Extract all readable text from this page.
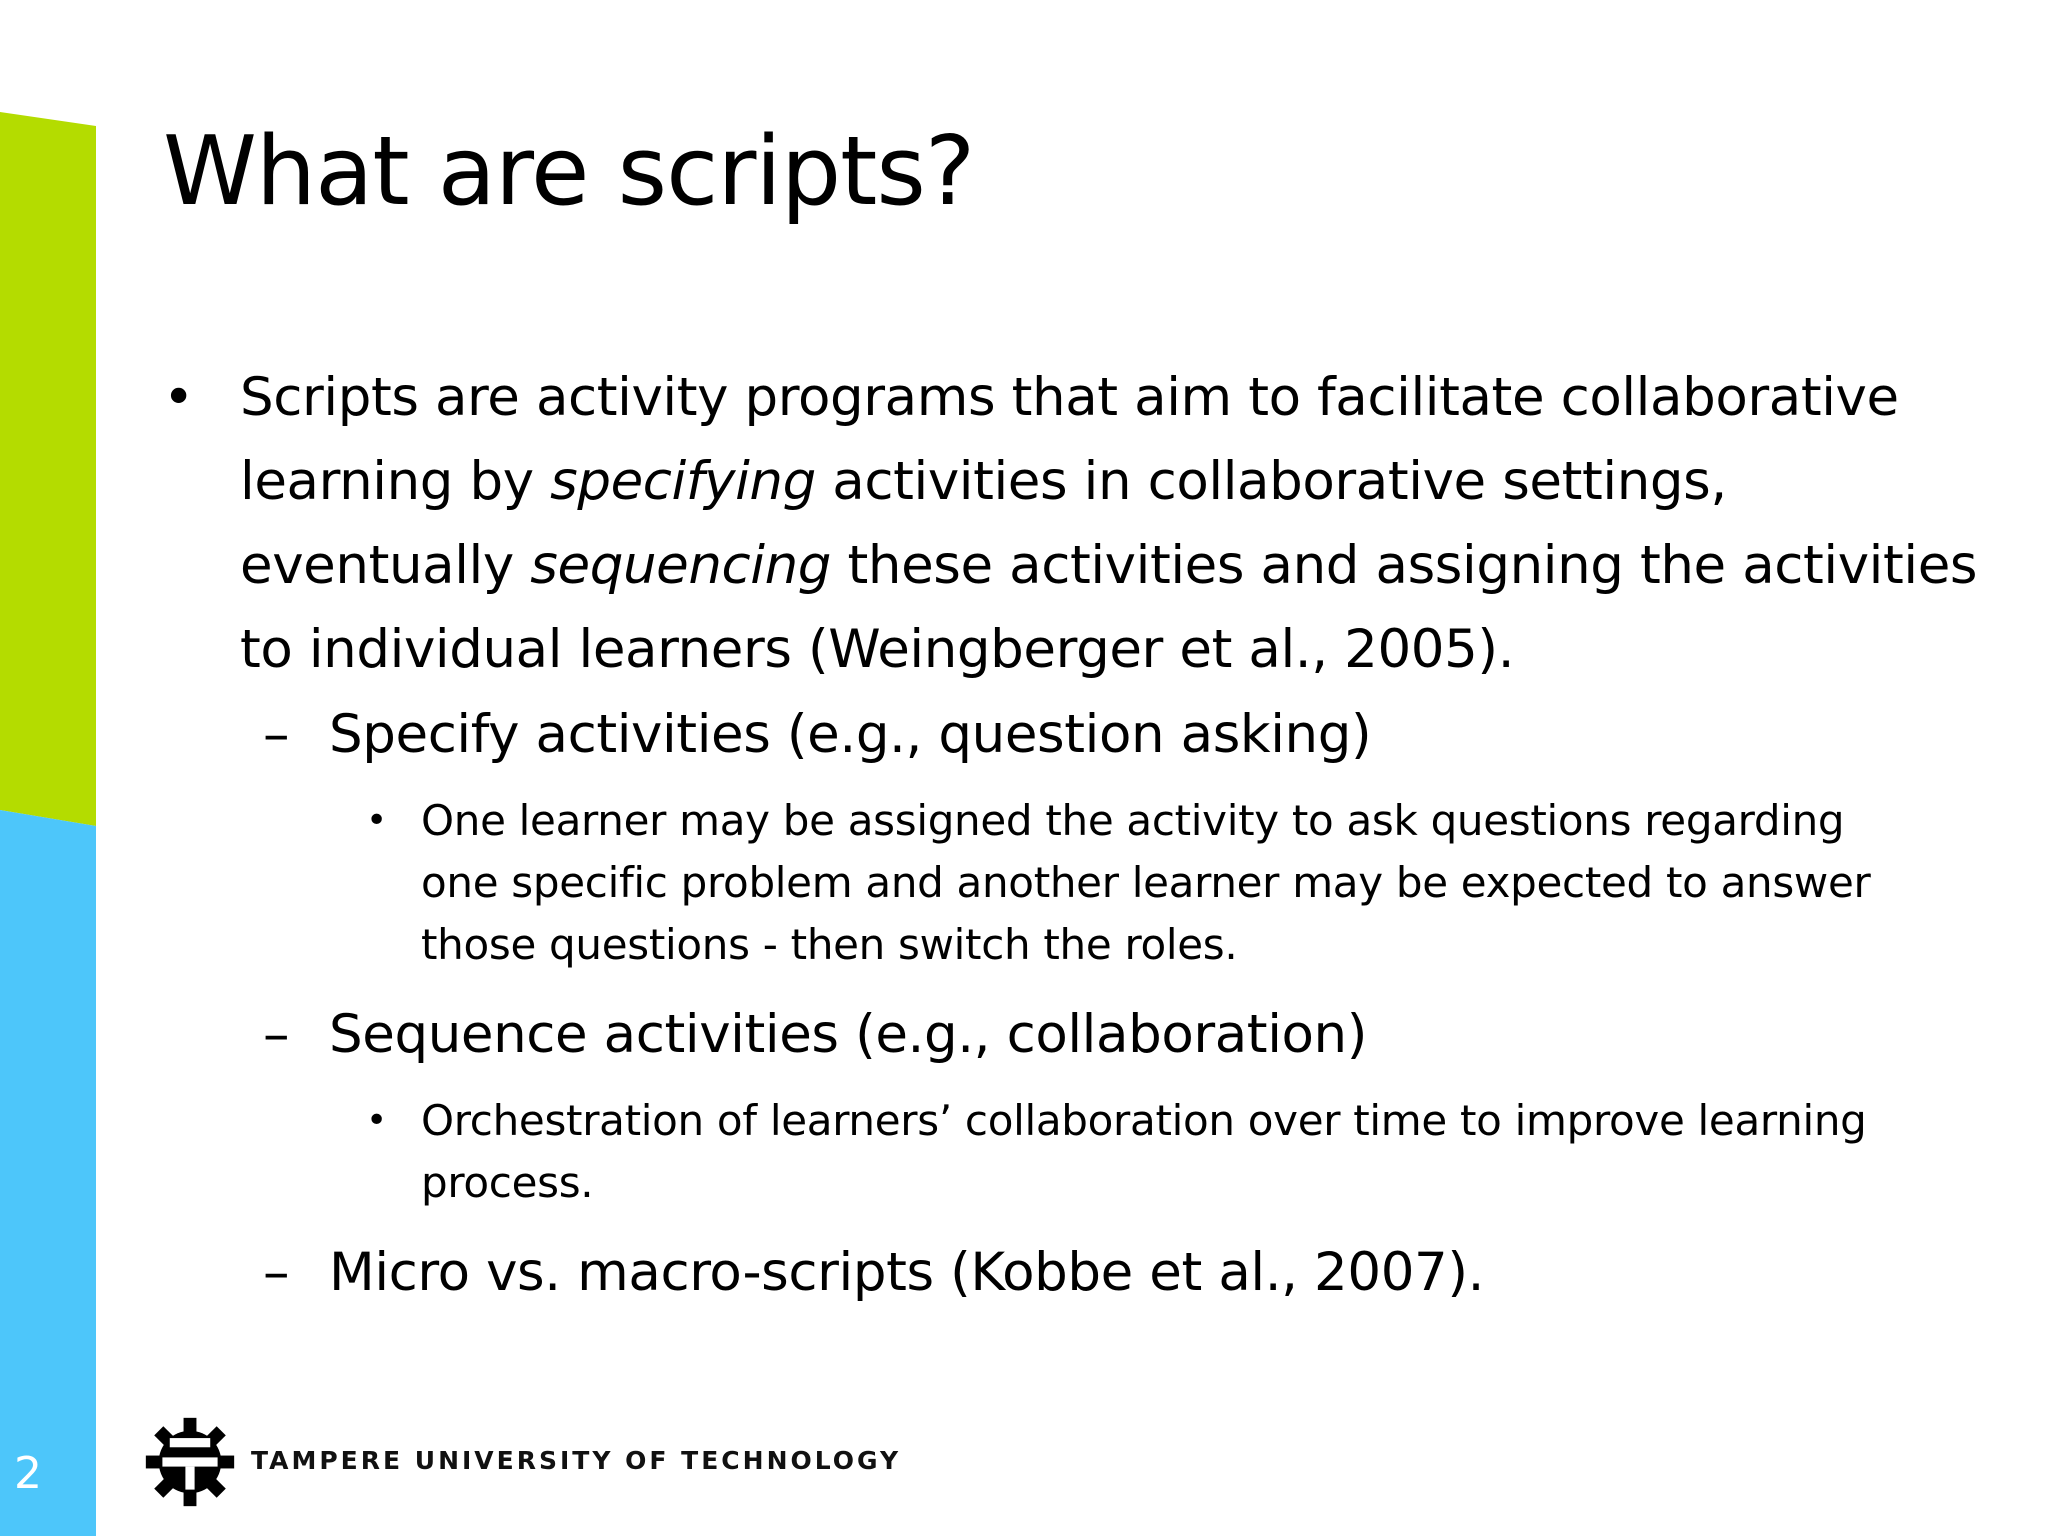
What are scripts?
• Scripts are activity programs that aim to facilitate collaborative learning by specifying activities in collaborative settings, eventually sequencing these activities and assigning the activities to individual learners (Weingberger et al., 2005).
– Specify activities (e.g., question asking)
• One learner may be assigned the activity to ask questions regarding one specific problem and another learner may be expected to answer those questions - then switch the roles.
– Sequence activities (e.g., collaboration)
• Orchestration of learners’ collaboration over time to improve learning process.
– Micro vs. macro-scripts (Kobbe et al., 2007).
TAMPERE UNIVERSITY OF TECHNOLOGY
2
